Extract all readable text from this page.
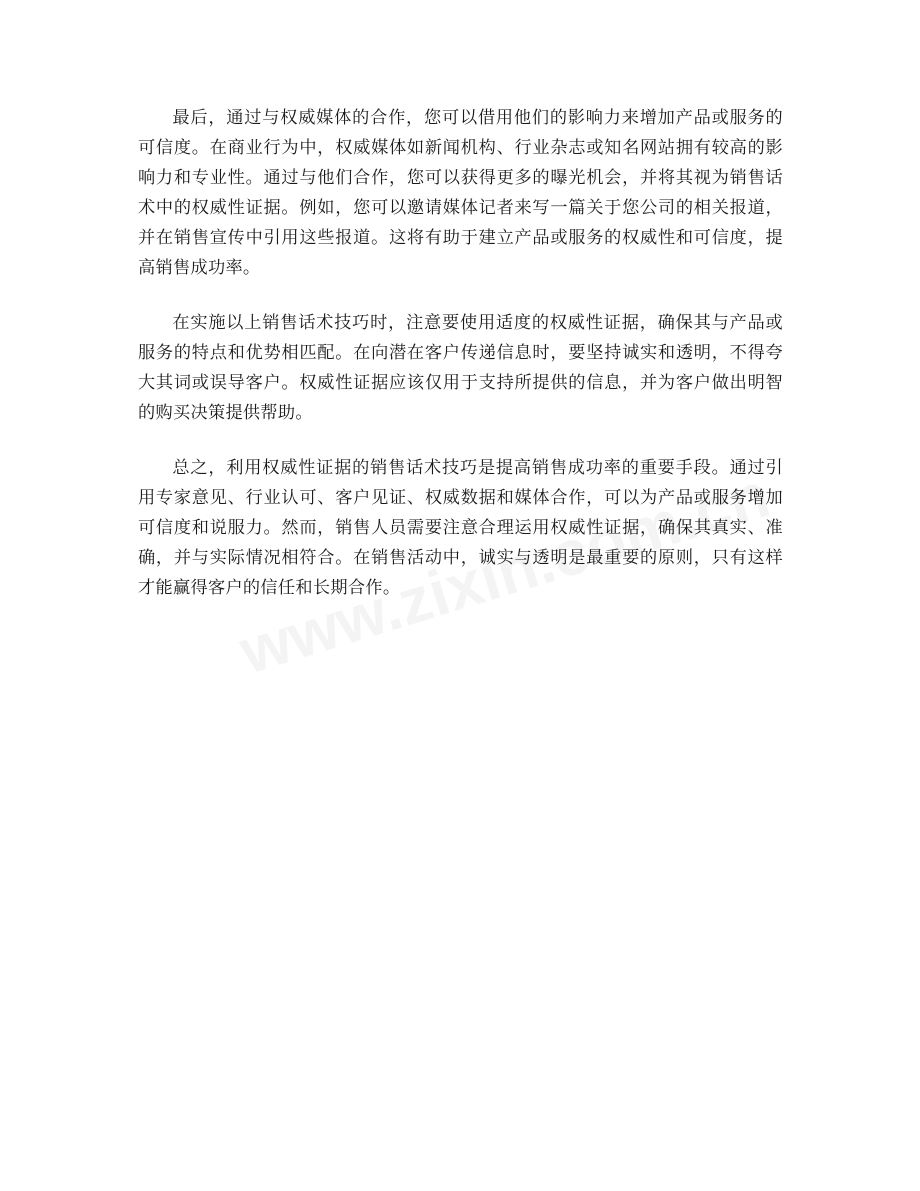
最后，通过与权威媒体的合作，您可以借用他们的影响力来增加产品或服务的可信度。在商业行为中，权威媒体如新闻机构、行业杂志或知名网站拥有较高的影响力和专业性。通过与他们合作，您可以获得更多的曝光机会，并将其视为销售话术中的权威性证据。例如，您可以邀请媒体记者来写一篇关于您公司的相关报道，并在销售宣传中引用这些报道。这将有助于建立产品或服务的权威性和可信度，提高销售成功率。

在实施以上销售话术技巧时，注意要使用适度的权威性证据，确保其与产品或服务的特点和优势相匹配。在向潜在客户传递信息时，要坚持诚实和透明，不得夸大其词或误导客户。权威性证据应该仅用于支持所提供的信息，并为客户做出明智的购买决策提供帮助。

总之，利用权威性证据的销售话术技巧是提高销售成功率的重要手段。通过引用专家意见、行业认可、客户见证、权威数据和媒体合作，可以为产品或服务增加可信度和说服力。然而，销售人员需要注意合理运用权威性证据，确保其真实、准确，并与实际情况相符合。在销售活动中，诚实与透明是最重要的原则，只有这样才能赢得客户的信任和长期合作。
